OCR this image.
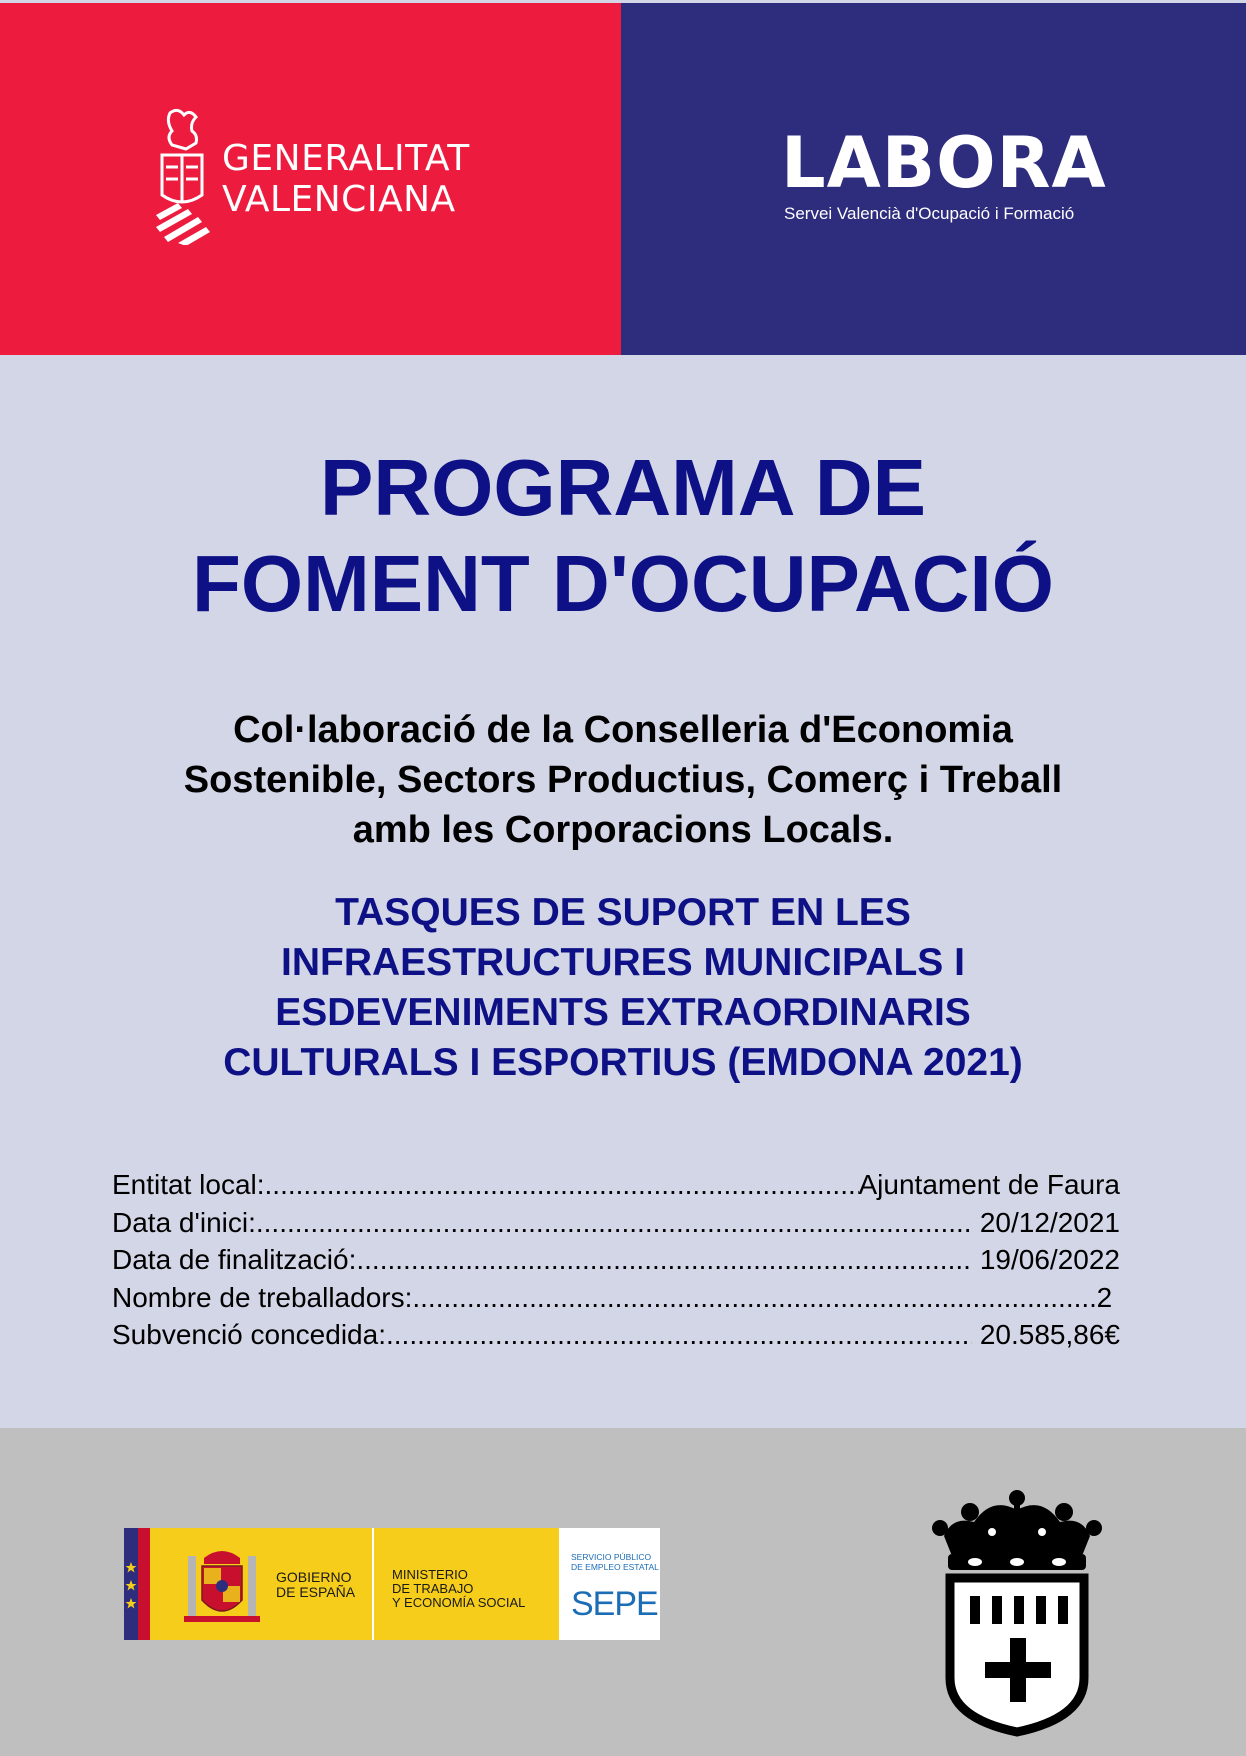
GENERALITAT
VALENCIANA	LABORA
Servei Valencià d'Ocupació i Formació
PROGRAMA DE
FOMENT D'OCUPACIÓ
Col·laboració de la Conselleria d'Economia
Sostenible, Sectors Productius, Comerç i Treball
amb les Corporacions Locals.
TASQUES DE SUPORT EN LES
INFRAESTRUCTURES MUNICIPALS I
ESDEVENIMENTS EXTRAORDINARIS
CULTURALS I ESPORTIUS (EMDONA 2021)
Entitat local: .....	Ajuntament de Faura
Data d'inici: .....	20/12/2021
Data de finalització: .....	19/06/2022
Nombre de treballadors: .....	2
Subvenció concedida: .....	20.585,86€
GOBIERNO
DE ESPAÑA
MINISTERIO
DE TRABAJO
Y ECONOMÍA SOCIAL
SERVICIO PÚBLICO
DE EMPLEO ESTATAL
SEPE
